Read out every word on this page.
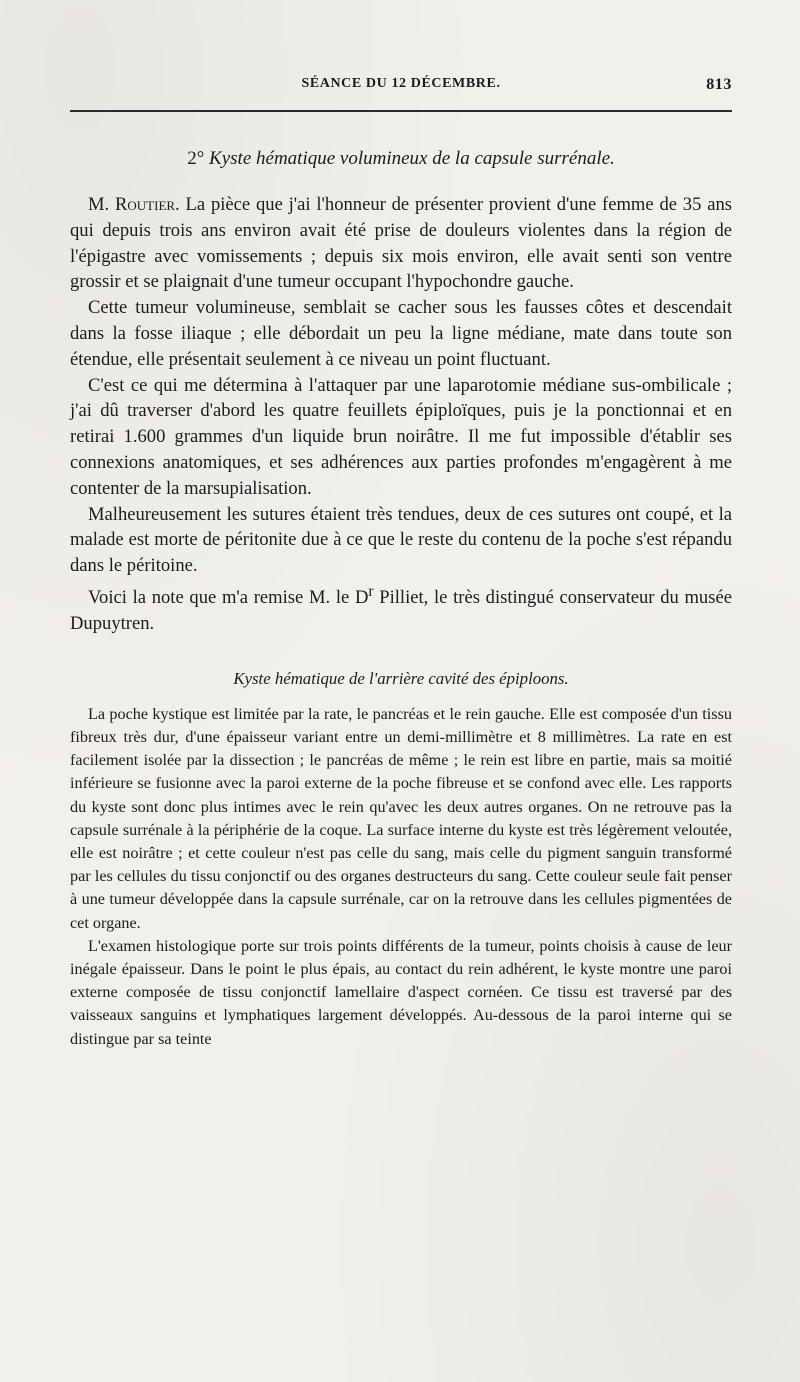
SÉANCE DU 12 DÉCEMBRE.	813
2° Kyste hématique volumineux de la capsule surrénale.

M. Routier. La pièce que j'ai l'honneur de présenter provient d'une femme de 35 ans qui depuis trois ans environ avait été prise de douleurs violentes dans la région de l'épigastre avec vomissements ; depuis six mois environ, elle avait senti son ventre grossir et se plaignait d'une tumeur occupant l'hypochondre gauche.

Cette tumeur volumineuse, semblait se cacher sous les fausses côtes et descendait dans la fosse iliaque ; elle débordait un peu la ligne médiane, mate dans toute son étendue, elle présentait seulement à ce niveau un point fluctuant.

C'est ce qui me détermina à l'attaquer par une laparotomie médiane sus-ombilicale ; j'ai dû traverser d'abord les quatre feuillets épiploïques, puis je la ponctionnai et en retirai 1.600 grammes d'un liquide brun noirâtre. Il me fut impossible d'établir ses connexions anatomiques, et ses adhérences aux parties profondes m'engagèrent à me contenter de la marsupialisation.

Malheureusement les sutures étaient très tendues, deux de ces sutures ont coupé, et la malade est morte de péritonite due à ce que le reste du contenu de la poche s'est répandu dans le péritoine.

Voici la note que m'a remise M. le $D^r$ Pilliet, le très distingué conservateur du musée Dupuytren.

Kyste hématique de l'arrière cavité des épiploons.

La poche kystique est limitée par la rate, le pancréas et le rein gauche. Elle est composée d'un tissu fibreux très dur, d'une épaisseur variant entre un demi-millimètre et 8 millimètres. La rate en est facilement isolée par la dissection ; le pancréas de même ; le rein est libre en partie, mais sa moitié inférieure se fusionne avec la paroi externe de la poche fibreuse et se confond avec elle. Les rapports du kyste sont donc plus intimes avec le rein qu'avec les deux autres organes. On ne retrouve pas la capsule surrénale à la périphérie de la coque. La surface interne du kyste est très légèrement veloutée, elle est noirâtre ; et cette couleur n'est pas celle du sang, mais celle du pigment sanguin transformé par les cellules du tissu conjonctif ou des organes destructeurs du sang. Cette couleur seule fait penser à une tumeur développée dans la capsule surrénale, car on la retrouve dans les cellules pigmentées de cet organe.

L'examen histologique porte sur trois points différents de la tumeur, points choisis à cause de leur inégale épaisseur. Dans le point le plus épais, au contact du rein adhérent, le kyste montre une paroi externe composée de tissu conjonctif lamellaire d'aspect cornéen. Ce tissu est traversé par des vaisseaux sanguins et lymphatiques largement développés. Au-dessous de la paroi interne qui se distingue par sa teinte
